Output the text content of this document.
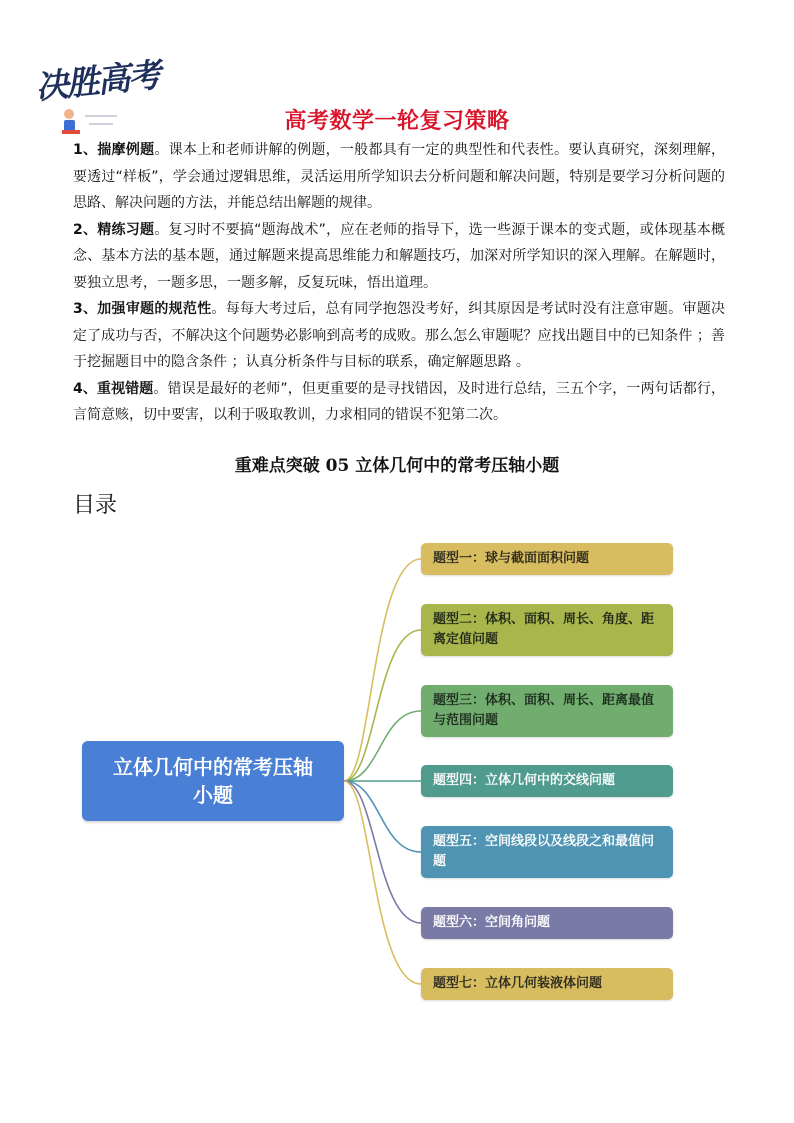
决胜高考
高考数学一轮复习策略

1、揣摩例题。课本上和老师讲解的例题，一般都具有一定的典型性和代表性。要认真研究，深刻理解，要透过“样板”，学会通过逻辑思维，灵活运用所学知识去分析问题和解决问题，特别是要学习分析问题的思路、解决问题的方法，并能总结出解题的规律。

2、精练习题。复习时不要搞“题海战术”，应在老师的指导下，选一些源于课本的变式题，或体现基本概念、基本方法的基本题，通过解题来提高思维能力和解题技巧，加深对所学知识的深入理解。在解题时，要独立思考，一题多思，一题多解，反复玩味，悟出道理。

3、加强审题的规范性。每每大考过后，总有同学抱怨没考好，纠其原因是考试时没有注意审题。审题决定了成功与否，不解决这个问题势必影响到高考的成败。那么怎么审题呢？应找出题目中的已知条件 ；善于挖掘题目中的隐含条件 ；认真分析条件与目标的联系，确定解题思路 。

4、重视错题。错误是最好的老师”，但更重要的是寻找错因，及时进行总结，三五个字，一两句话都行，言简意赅，切中要害，以利于吸取教训，力求相同的错误不犯第二次。

重难点突破 05 立体几何中的常考压轴小题
目录
立体几何中的常考压轴小题
题型一：球与截面面积问题
题型二：体积、面积、周长、角度、距离定值问题
题型三：体积、面积、周长、距离最值与范围问题
题型四：立体几何中的交线问题
题型五：空间线段以及线段之和最值问题
题型六：空间角问题
题型七：立体几何装液体问题
